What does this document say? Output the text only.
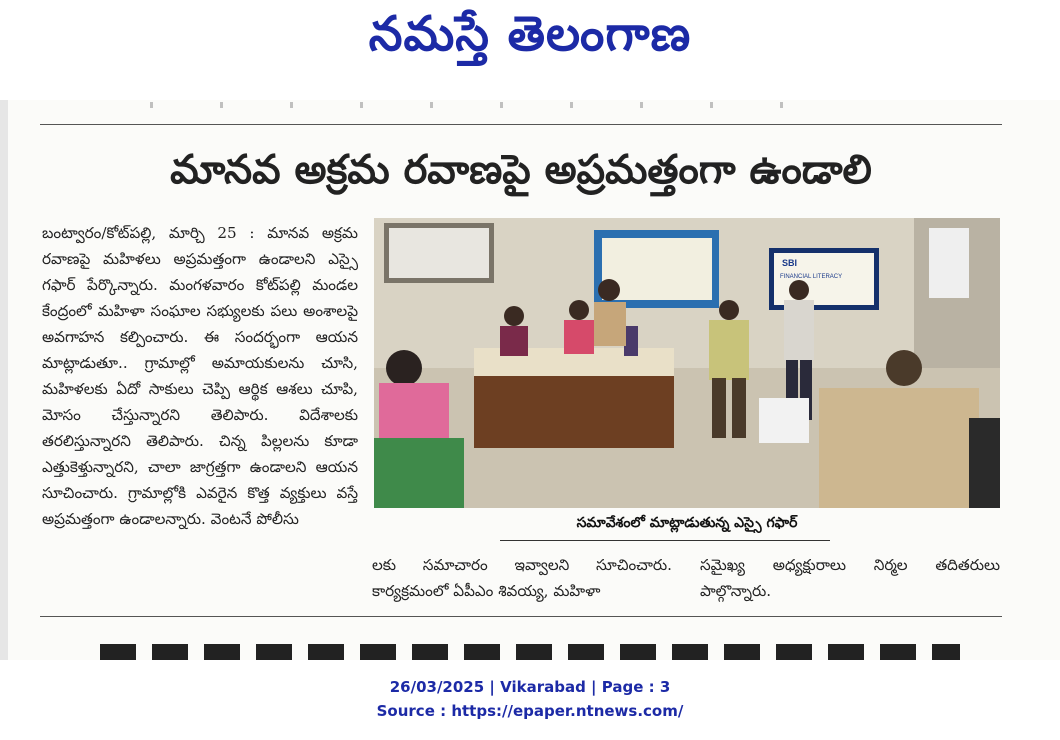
నమస్తే తెలంగాణ
మానవ అక్రమ రవాణపై అప్రమత్తంగా ఉండాలి

బంట్వారం/కోట్‌పల్లి, మార్చి 25 : మానవ అక్రమ రవాణపై మహిళలు అప్రమత్తంగా ఉండాలని ఎస్సై గఫార్ పేర్కొన్నారు. మంగళవారం కోట్‌పల్లి మండల కేంద్రంలో మహిళా సంఘాల సభ్యులకు పలు అంశాలపై అవగాహన కల్పించారు. ఈ సందర్భంగా ఆయన మాట్లాడుతూ.. గ్రామాల్లో అమాయకులను చూసి, మహిళలకు ఏదో సాకులు చెప్పి ఆర్థిక ఆశలు చూపి, మోసం చేస్తున్నారని తెలిపారు. విదేశాలకు తరలిస్తున్నారని తెలిపారు. చిన్న పిల్లలను కూడా ఎత్తుకెళ్తున్నారని, చాలా జాగ్రత్తగా ఉండాలని ఆయన సూచించారు. గ్రామాల్లోకి ఎవరైన కొత్త వ్యక్తులు వస్తే అప్రమత్తంగా ఉండాలన్నారు. వెంటనే పోలీసు

SBI
FINANCIAL LITERACY
సమావేశంలో మాట్లాడుతున్న ఎస్సై గఫార్

లకు సమాచారం ఇవ్వాలని సూచించారు. కార్యక్రమంలో ఏపీఎం శివయ్య, మహిళా

సమైఖ్య అధ్యక్షురాలు నిర్మల తదితరులు పాల్గొన్నారు.

26/03/2025 | Vikarabad | Page : 3
Source : https://epaper.ntnews.com/
